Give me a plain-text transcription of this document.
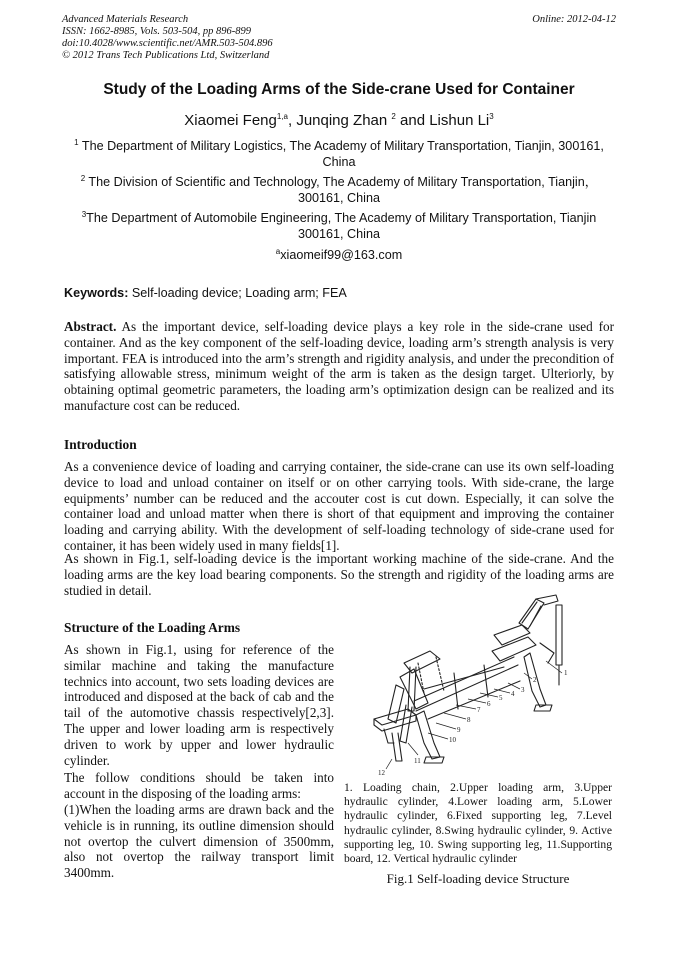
Advanced Materials Research
ISSN: 1662-8985, Vols. 503-504, pp 896-899
doi:10.4028/www.scientific.net/AMR.503-504.896
© 2012 Trans Tech Publications Ltd, Switzerland
Online: 2012-04-12
Study of the Loading Arms of the Side-crane Used for Container
Xiaomei Feng$^{1,a}$, Junqing Zhan $^2$ and Lishun Li$^3$
$^1$ The Department of Military Logistics, The Academy of Military Transportation, Tianjin, 300161, China
$^2$ The Division of Scientific and Technology, The Academy of Military Transportation, Tianjin，300161, China
$^3$The Department of Automobile Engineering, The Academy of Military Transportation, Tianjin 300161, China
$^a$xiaomeif99@163.com
Keywords: Self-loading device; Loading arm; FEA
Abstract. As the important device, self-loading device plays a key role in the side-crane used for container. And as the key component of the self-loading device, loading arm’s strength analysis is very important. FEA is introduced into the arm’s strength and rigidity analysis, and under the precondition of satisfying allowable stress, minimum weight of the arm is taken as the design target. Ulteriorly, by obtaining optimal geometric parameters, the loading arm’s optimization design can be realized and its manufacture cost can be reduced.
Introduction

As a convenience device of loading and carrying container, the side-crane can use its own self-loading device to load and unload container on itself or on other carrying tools. With side-crane, the large equipments’ number can be reduced and the accouter cost is cut down. Especially, it can solve the container load and unload matter when there is short of that equipment and improving the container loading and carrying ability. With the development of self-loading technology of side-crane used for container, it has been widely used in many fields[1].

As shown in Fig.1, self-loading device is the important working machine of the side-crane. And the loading arms are the key load bearing components. So the strength and rigidity of the loading arms are studied in detail.

Structure of the Loading Arms

As shown in Fig.1, using for reference of the similar machine and taking the manufacture technics into account, two sets loading devices are introduced and disposed at the back of cab and the tail of the automotive chassis respectively[2,3]. The upper and lower loading arm is respectively driven to work by upper and lower hydraulic cylinder.

The follow conditions should be taken into account in the disposing of the loading arms:

(1)When the loading arms are drawn back and the vehicle is in running, its outline dimension should not overtop the culvert dimension of 3500mm, also not overtop the railway transport limit 3400mm.

1
2
3
4
5
6
7
8
9
10
11
12

1. Loading chain, 2.Upper loading arm, 3.Upper hydraulic cylinder, 4.Lower loading arm, 5.Lower hydraulic cylinder, 6.Fixed supporting leg, 7.Level hydraulic cylinder, 8.Swing hydraulic cylinder, 9. Active supporting leg, 10. Swing supporting leg, 11.Supporting board, 12. Vertical hydraulic cylinder

Fig.1 Self-loading device Structure
